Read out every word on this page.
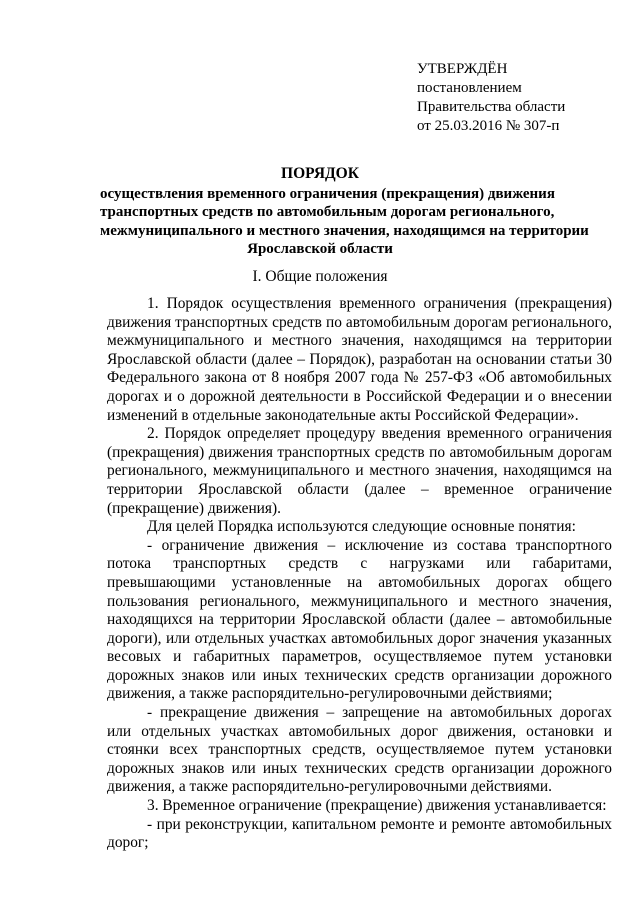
УТВЕРЖДЁН
постановлением
Правительства области
от 25.03.2016 № 307-п
ПОРЯДОК
осуществления временного ограничения (прекращения) движения
транспортных средств по автомобильным дорогам регионального,
межмуниципального и местного значения, находящимся на территории
Ярославской области
I. Общие положения

1. Порядок осуществления временного ограничения (прекращения) движения транспортных средств по автомобильным дорогам регионального, межмуниципального и местного значения, находящимся на территории Ярославской области (далее – Порядок), разработан на основании статьи 30 Федерального закона от 8 ноября 2007 года № 257-ФЗ «Об автомобильных дорогах и о дорожной деятельности в Российской Федерации и о внесении изменений в отдельные законодательные акты Российской Федерации».

2. Порядок определяет процедуру введения временного ограничения (прекращения) движения транспортных средств по автомобильным дорогам регионального, межмуниципального и местного значения, находящимся на территории Ярославской области (далее – временное ограничение (прекращение) движения).

Для целей Порядка используются следующие основные понятия:

- ограничение движения – исключение из состава транспортного потока транспортных средств с нагрузками или габаритами, превышающими установленные на автомобильных дорогах общего пользования регионального, межмуниципального и местного значения, находящихся на территории Ярославской области (далее – автомобильные дороги), или отдельных участках автомобильных дорог значения указанных весовых и габаритных параметров, осуществляемое путем установки дорожных знаков или иных технических средств организации дорожного движения, а также распорядительно-регулировочными действиями;

- прекращение движения – запрещение на автомобильных дорогах или отдельных участках автомобильных дорог движения, остановки и стоянки всех транспортных средств, осуществляемое путем установки дорожных знаков или иных технических средств организации дорожного движения, а также распорядительно-регулировочными действиями.

3. Временное ограничение (прекращение) движения устанавливается:

- при реконструкции, капитальном ремонте и ремонте автомобильных дорог;
